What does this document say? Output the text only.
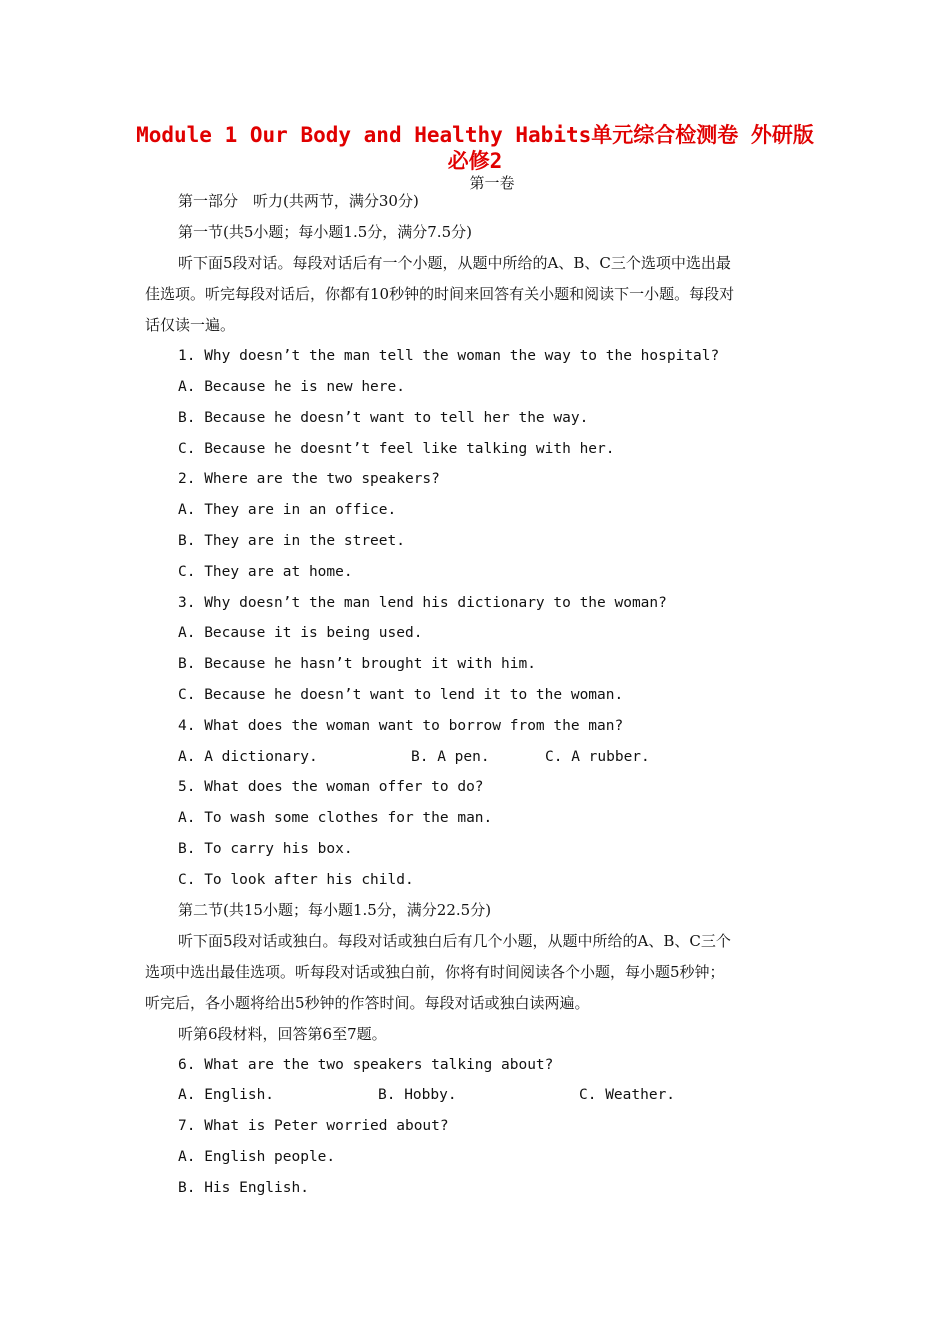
Module 1 Our Body and Healthy Habits单元综合检测卷 外研版
必修2
第一卷
第一部分　听力(共两节，满分30分)
第一节(共5小题；每小题1.5分，满分7.5分)
听下面5段对话。每段对话后有一个小题，从题中所给的A、B、C三个选项中选出最
佳选项。听完每段对话后，你都有10秒钟的时间来回答有关小题和阅读下一小题。每段对
话仅读一遍。
1. Why doesn’t the man tell the woman the way to the hospital?
A. Because he is new here.
B. Because he doesn’t want to tell her the way.
C. Because he doesnt’t feel like talking with her.
2. Where are the two speakers?
A. They are in an office.
B. They are in the street.
C. They are at home.
3. Why doesn’t the man lend his dictionary to the woman?
A. Because it is being used.
B. Because he hasn’t brought it with him.
C. Because he doesn’t want to lend it to the woman.
4. What does the woman want to borrow from the man?
A. A dictionary.	B. A pen.	C. A rubber.
5. What does the woman offer to do?
A. To wash some clothes for the man.
B. To carry his box.
C. To look after his child.
第二节(共15小题；每小题1.5分，满分22.5分)
听下面5段对话或独白。每段对话或独白后有几个小题，从题中所给的A、B、C三个
选项中选出最佳选项。听每段对话或独白前，你将有时间阅读各个小题，每小题5秒钟；
听完后，各小题将给出5秒钟的作答时间。每段对话或独白读两遍。
听第6段材料，回答第6至7题。
6. What are the two speakers talking about?
A. English.	B. Hobby.	C. Weather.
7. What is Peter worried about?
A. English people.
B. His English.
